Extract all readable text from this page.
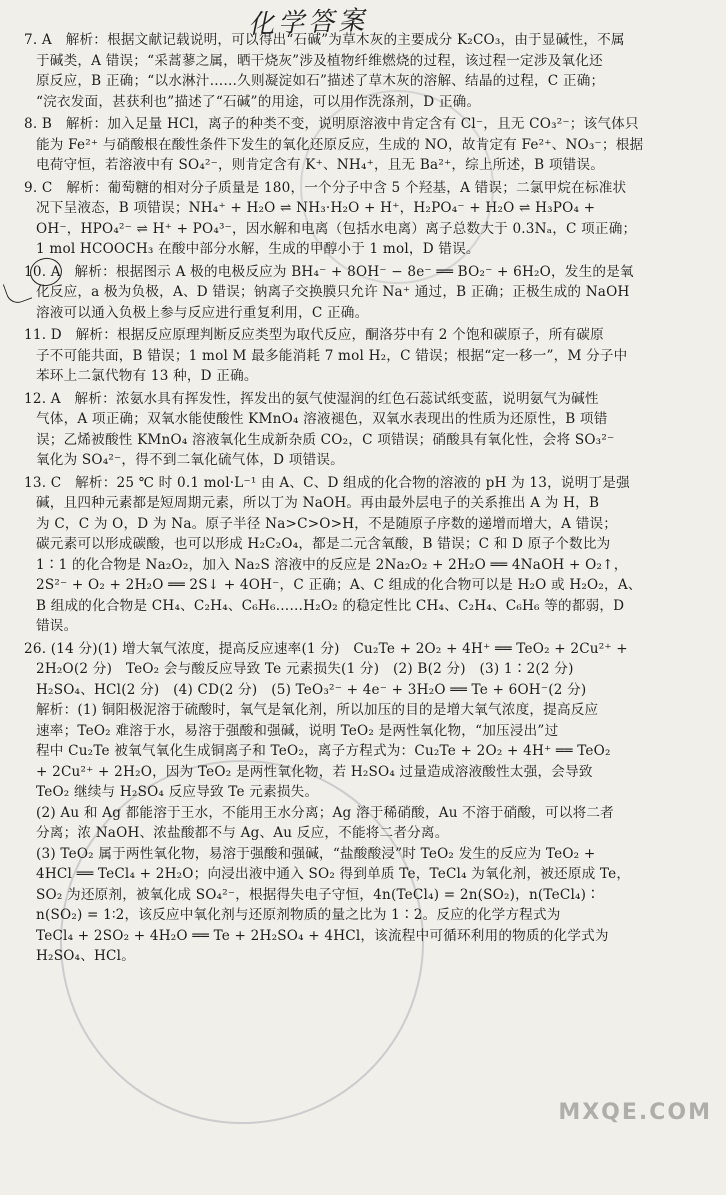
化学答案
7. A　解析：根据文献记载说明，可以得出“石碱”为草木灰的主要成分 K₂CO₃，由于显碱性，不属
于碱类，A 错误；“采蒿蓼之属，晒干烧灰”涉及植物纤维燃烧的过程，该过程一定涉及氧化还
原反应，B 正确；“以水淋汁……久则凝淀如石”描述了草木灰的溶解、结晶的过程，C 正确；
“浣衣发面，甚获利也”描述了“石碱”的用途，可以用作洗涤剂，D 正确。
8. B　解析：加入足量 HCl，离子的种类不变，说明原溶液中肯定含有 Cl⁻，且无 CO₃²⁻；该气体只
能为 Fe²⁺ 与硝酸根在酸性条件下发生的氧化还原反应，生成的 NO，故肯定有 Fe²⁺、NO₃⁻；根据
电荷守恒，若溶液中有 SO₄²⁻，则肯定含有 K⁺、NH₄⁺，且无 Ba²⁺，综上所述，B 项错误。
9. C　解析：葡萄糖的相对分子质量是 180，一个分子中含 5 个羟基，A 错误；二氯甲烷在标准状
况下呈液态，B 项错误；NH₄⁺ + H₂O ⇌ NH₃·H₂O + H⁺，H₂PO₄⁻ + H₂O ⇌ H₃PO₄ +
OH⁻，HPO₄²⁻ ⇌ H⁺ + PO₄³⁻，因水解和电离（包括水电离）离子总数大于 0.3Nₐ，C 项正确；
1 mol HCOOCH₃ 在酸中部分水解，生成的甲醇小于 1 mol，D 错误。
10. A　解析：根据图示 A 极的电极反应为 BH₄⁻ + 8OH⁻ − 8e⁻ ══ BO₂⁻ + 6H₂O，发生的是氧
化反应，a 极为负极，A、D 错误；钠离子交换膜只允许 Na⁺ 通过，B 正确；正极生成的 NaOH
溶液可以通入负极上参与反应进行重复利用，C 正确。
11. D　解析：根据反应原理判断反应类型为取代反应，酮洛芬中有 2 个饱和碳原子，所有碳原
子不可能共面，B 错误；1 mol M 最多能消耗 7 mol H₂，C 错误；根据“定一移一”，M 分子中
苯环上二氯代物有 13 种，D 正确。
12. A　解析：浓氨水具有挥发性，挥发出的氨气使湿润的红色石蕊试纸变蓝，说明氨气为碱性
气体，A 项正确；双氧水能使酸性 KMnO₄ 溶液褪色，双氧水表现出的性质为还原性，B 项错
误；乙烯被酸性 KMnO₄ 溶液氧化生成新杂质 CO₂，C 项错误；硝酸具有氧化性，会将 SO₃²⁻
氧化为 SO₄²⁻，得不到二氧化硫气体，D 项错误。
13. C　解析：25 ℃ 时 0.1 mol·L⁻¹ 由 A、C、D 组成的化合物的溶液的 pH 为 13，说明丁是强
碱，且四种元素都是短周期元素，所以丁为 NaOH。再由最外层电子的关系推出 A 为 H，B
为 C，C 为 O，D 为 Na。原子半径 Na>C>O>H，不是随原子序数的递增而增大，A 错误；
碳元素可以形成碳酸，也可以形成 H₂C₂O₄，都是二元含氧酸，B 错误；C 和 D 原子个数比为
1∶1 的化合物是 Na₂O₂，加入 Na₂S 溶液中的反应是 2Na₂O₂ + 2H₂O ══ 4NaOH + O₂↑，
2S²⁻ + O₂ + 2H₂O ══ 2S↓ + 4OH⁻，C 正确；A、C 组成的化合物可以是 H₂O 或 H₂O₂，A、
B 组成的化合物是 CH₄、C₂H₄、C₆H₆……H₂O₂ 的稳定性比 CH₄、C₂H₄、C₆H₆ 等的都弱，D
错误。
26. (14 分)(1) 增大氧气浓度，提高反应速率(1 分)　Cu₂Te + 2O₂ + 4H⁺ ══ TeO₂ + 2Cu²⁺ +
2H₂O(2 分)　TeO₂ 会与酸反应导致 Te 元素损失(1 分)　(2) B(2 分)　(3) 1∶2(2 分)
H₂SO₄、HCl(2 分)　(4) CD(2 分)　(5) TeO₃²⁻ + 4e⁻ + 3H₂O ══ Te + 6OH⁻(2 分)
解析：(1) 铜阳极泥溶于硫酸时，氧气是氧化剂，所以加压的目的是增大氧气浓度，提高反应
速率；TeO₂ 难溶于水，易溶于强酸和强碱，说明 TeO₂ 是两性氧化物，“加压浸出”过
程中 Cu₂Te 被氧气氧化生成铜离子和 TeO₂，离子方程式为：Cu₂Te + 2O₂ + 4H⁺ ══ TeO₂
+ 2Cu²⁺ + 2H₂O，因为 TeO₂ 是两性氧化物，若 H₂SO₄ 过量造成溶液酸性太强，会导致
TeO₂ 继续与 H₂SO₄ 反应导致 Te 元素损失。
(2) Au 和 Ag 都能溶于王水，不能用王水分离；Ag 溶于稀硝酸，Au 不溶于硝酸，可以将二者
分离；浓 NaOH、浓盐酸都不与 Ag、Au 反应，不能将二者分离。
(3) TeO₂ 属于两性氧化物，易溶于强酸和强碱，“盐酸酸浸”时 TeO₂ 发生的反应为 TeO₂ +
4HCl ══ TeCl₄ + 2H₂O；向浸出液中通入 SO₂ 得到单质 Te，TeCl₄ 为氧化剂，被还原成 Te，
SO₂ 为还原剂，被氧化成 SO₄²⁻，根据得失电子守恒，4n(TeCl₄) = 2n(SO₂)，n(TeCl₄)∶
n(SO₂) = 1∶2，该反应中氧化剂与还原剂物质的量之比为 1∶2。反应的化学方程式为
TeCl₄ + 2SO₂ + 4H₂O ══ Te + 2H₂SO₄ + 4HCl，该流程中可循环利用的物质的化学式为
H₂SO₄、HCl。
MXQE.COM
